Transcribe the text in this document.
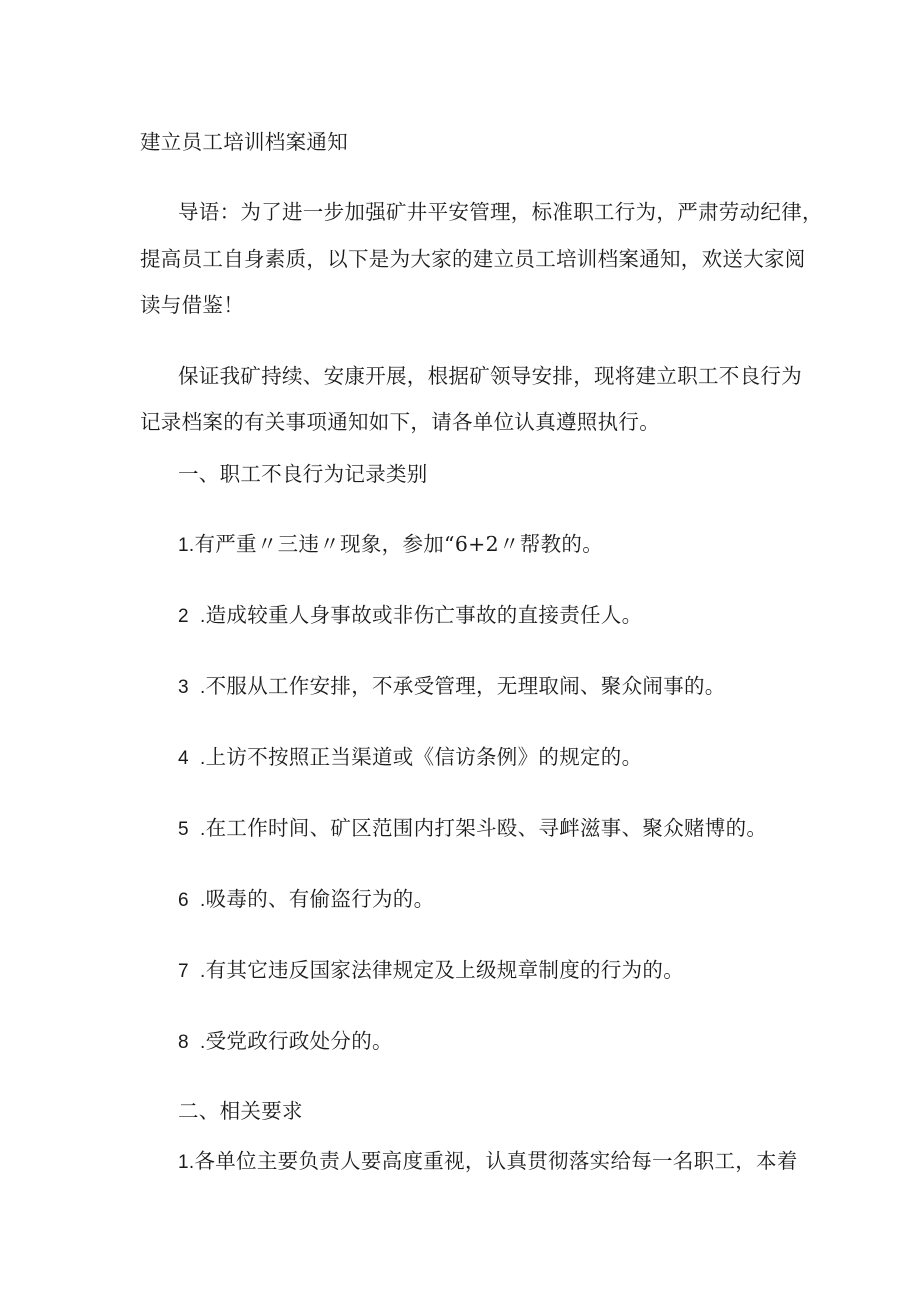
建立员工培训档案通知
导语：为了进一步加强矿井平安管理，标准职工行为，严肃劳动纪律，
提高员工自身素质，以下是为大家的建立员工培训档案通知，欢送大家阅
读与借鉴！
保证我矿持续、安康开展，根据矿领导安排，现将建立职工不良行为
记录档案的有关事项通知如下，请各单位认真遵照执行。
一、职工不良行为记录类别
1.有严重〃三违〃现象，参加“6+2〃帮教的。
2  .造成较重人身事故或非伤亡事故的直接责任人。
3  .不服从工作安排，不承受管理，无理取闹、聚众闹事的。
4  .上访不按照正当渠道或《信访条例》的规定的。
5  .在工作时间、矿区范围内打架斗殴、寻衅滋事、聚众赌博的。
6  .吸毒的、有偷盗行为的。
7  .有其它违反国家法律规定及上级规章制度的行为的。
8  .受党政行政处分的。
二、相关要求
1.各单位主要负责人要高度重视，认真贯彻落实给每一名职工，本着
